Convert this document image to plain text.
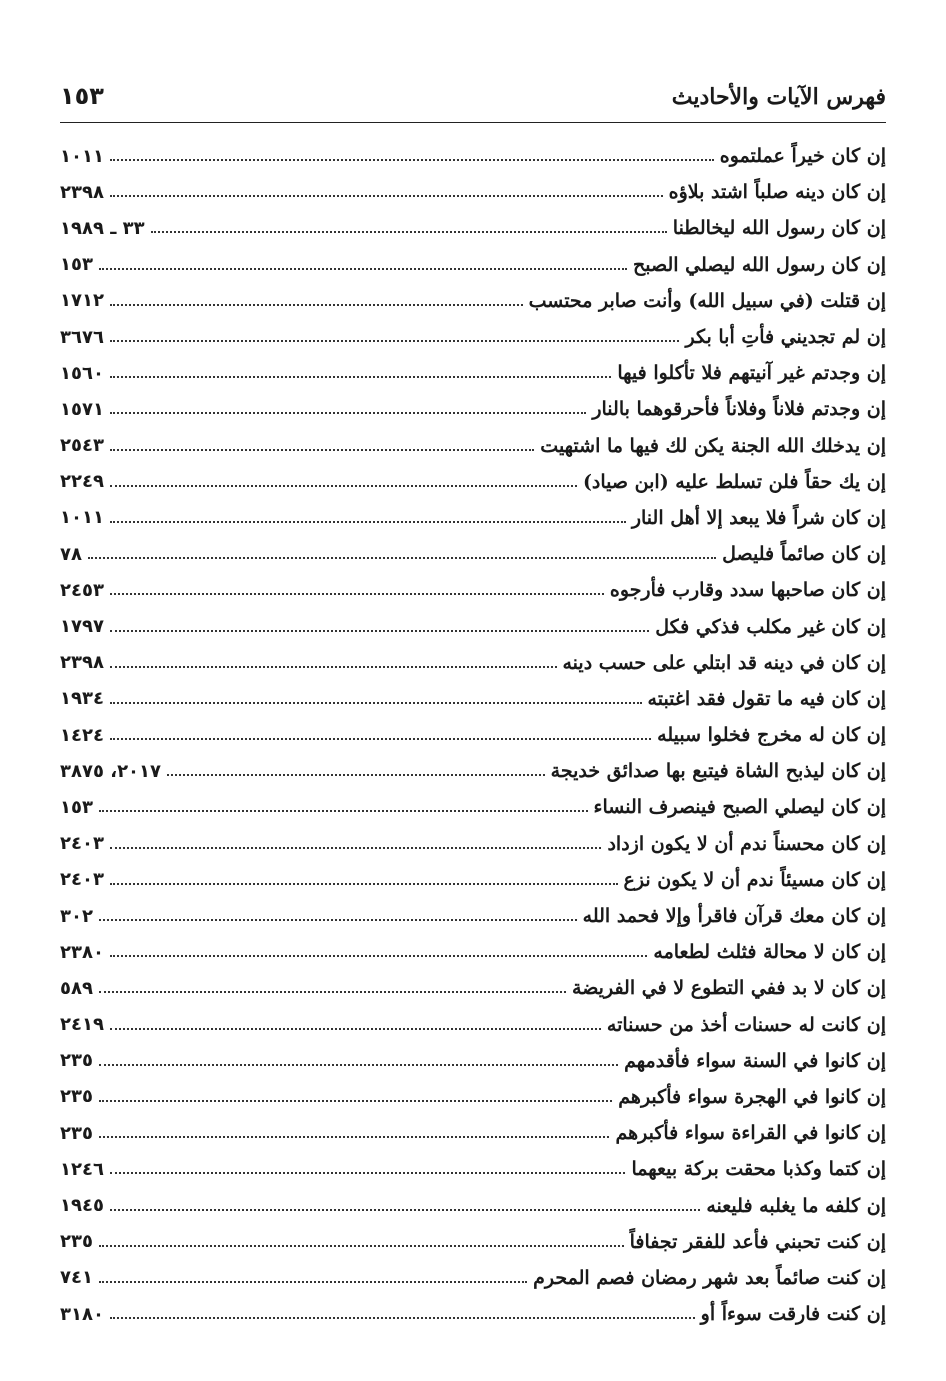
فهرس الآيات والأحاديث
١٥٣
إن كان خيراً عملتموه
١٠١١
إن كان دينه صلباً اشتد بلاؤه
٢٣٩٨
إن كان رسول الله ليخالطنا
٣٣ ـ ١٩٨٩
إن كان رسول الله ليصلي الصبح
١٥٣
إن قتلت (في سبيل الله) وأنت صابر محتسب
١٧١٢
إن لم تجديني فأتِ أبا بكر
٣٦٧٦
إن وجدتم غير آنيتهم فلا تأكلوا فيها
١٥٦٠
إن وجدتم فلاناً وفلاناً فأحرقوهما بالنار
١٥٧١
إن يدخلك الله الجنة يكن لك فيها ما اشتهيت
٢٥٤٣
إن يك حقاً فلن تسلط عليه (ابن صياد)
٢٢٤٩
إن كان شراً فلا يبعد إلا أهل النار
١٠١١
إن كان صائماً فليصل
٧٨
إن كان صاحبها سدد وقارب فأرجوه
٢٤٥٣
إن كان غير مكلب فذكي فكل
١٧٩٧
إن كان في دينه قد ابتلي على حسب دينه
٢٣٩٨
إن كان فيه ما تقول فقد اغتبته
١٩٣٤
إن كان له مخرج فخلوا سبيله
١٤٢٤
إن كان ليذبح الشاة فيتبع بها صدائق خديجة
٢٠١٧، ٣٨٧٥
إن كان ليصلي الصبح فينصرف النساء
١٥٣
إن كان محسناً ندم أن لا يكون ازداد
٢٤٠٣
إن كان مسيئاً ندم أن لا يكون نزع
٢٤٠٣
إن كان معك قرآن فاقرأ وإلا فحمد الله
٣٠٢
إن كان لا محالة فثلث لطعامه
٢٣٨٠
إن كان لا بد ففي التطوع لا في الفريضة
٥٨٩
إن كانت له حسنات أخذ من حسناته
٢٤١٩
إن كانوا في السنة سواء فأقدمهم
٢٣٥
إن كانوا في الهجرة سواء فأكبرهم
٢٣٥
إن كانوا في القراءة سواء فأكبرهم
٢٣٥
إن كتما وكذبا محقت بركة بيعهما
١٢٤٦
إن كلفه ما يغلبه فليعنه
١٩٤٥
إن كنت تحبني فأعد للفقر تجفافاً
٢٣٥
إن كنت صائماً بعد شهر رمضان فصم المحرم
٧٤١
إن كنت فارقت سوءاً أو
٣١٨٠
